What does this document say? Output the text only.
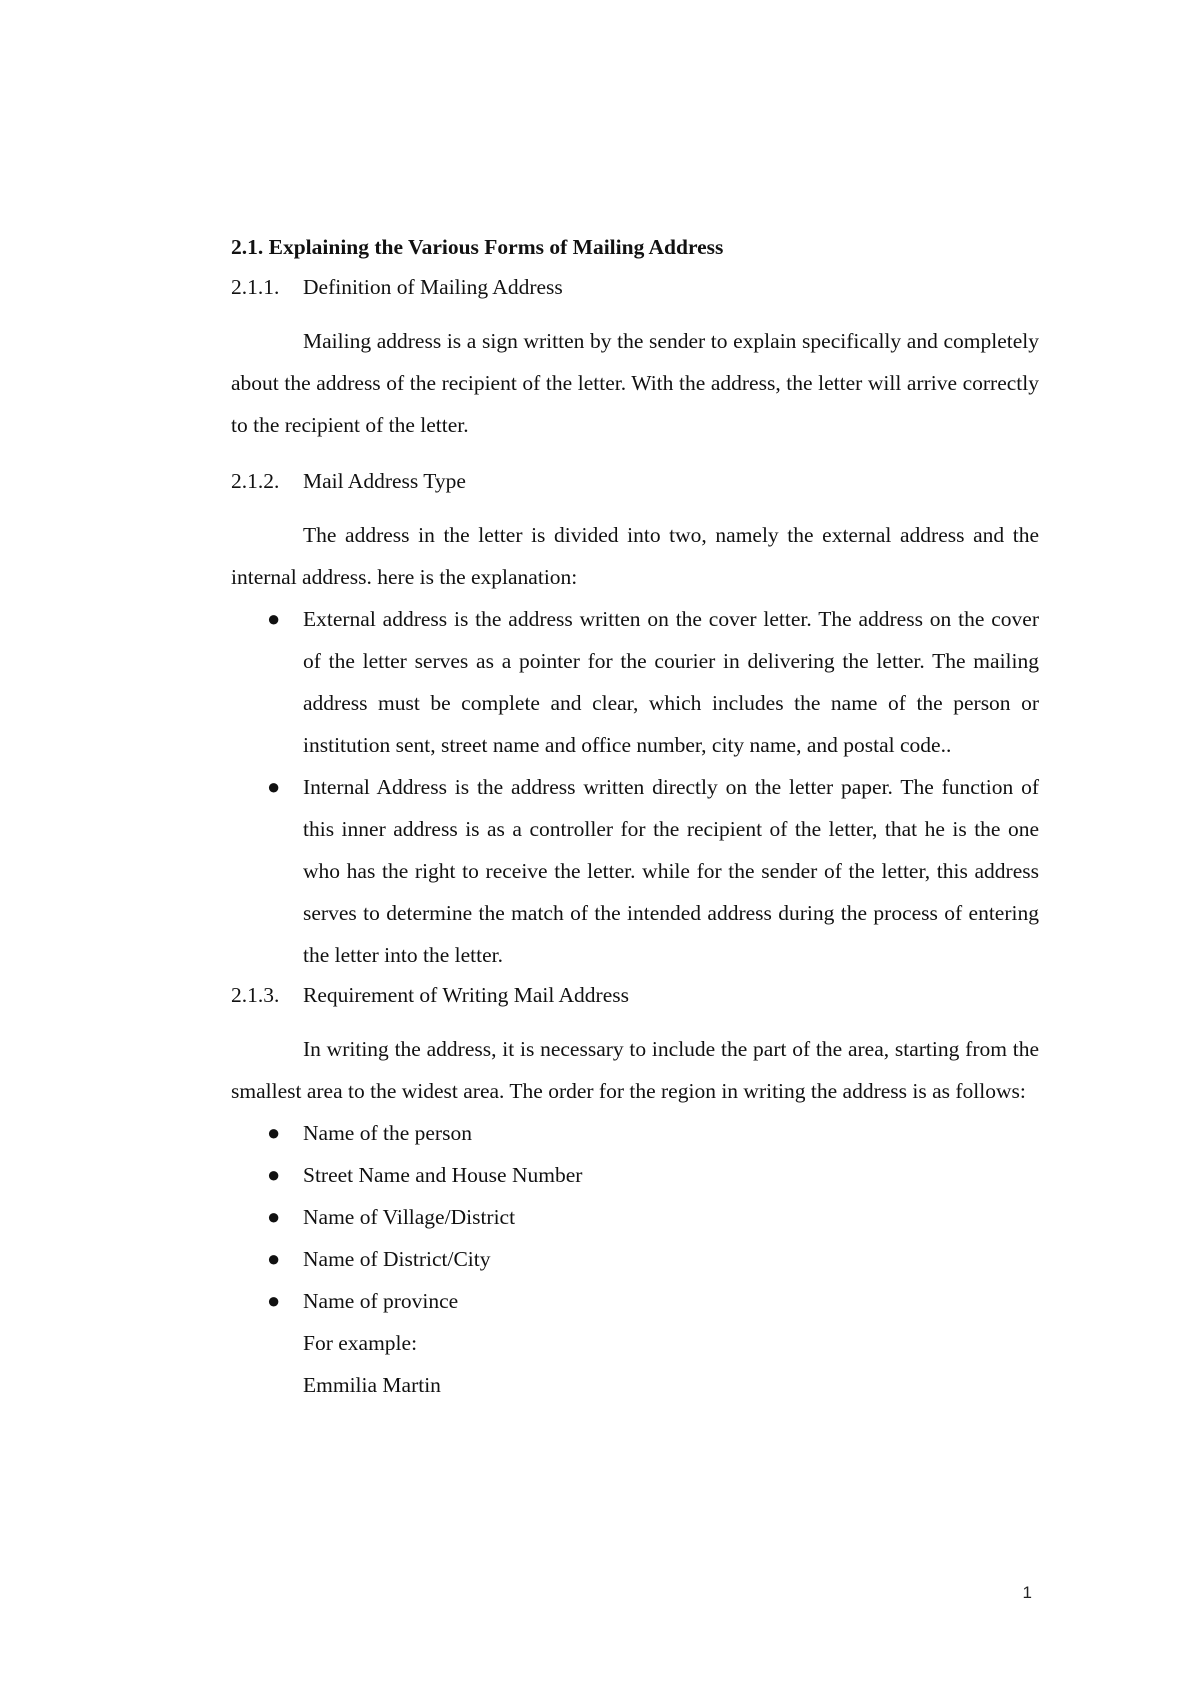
2.1. Explaining the Various Forms of Mailing Address

2.1.1.	Definition of Mailing Address

Mailing address is a sign written by the sender to explain specifically and completely about the address of the recipient of the letter. With the address, the letter will arrive correctly to the recipient of the letter.

2.1.2.	Mail Address Type

The address in the letter is divided into two, namely the external address and the internal address. here is the explanation:

● External address is the address written on the cover letter. The address on the cover of the letter serves as a pointer for the courier in delivering the letter. The mailing address must be complete and clear, which includes the name of the person or institution sent, street name and office number, city name, and postal code..
● Internal Address is the address written directly on the letter paper. The function of this inner address is as a controller for the recipient of the letter, that he is the one who has the right to receive the letter. while for the sender of the letter, this address serves to determine the match of the intended address during the process of entering the letter into the letter.
2.1.3.	Requirement of Writing Mail Address

In writing the address, it is necessary to include the part of the area, starting from the smallest area to the widest area. The order for the region in writing the address is as follows:

● Name of the person
● Street Name and House Number
● Name of Village/District
● Name of District/City
● Name of province

For example:

Emmilia Martin

1
